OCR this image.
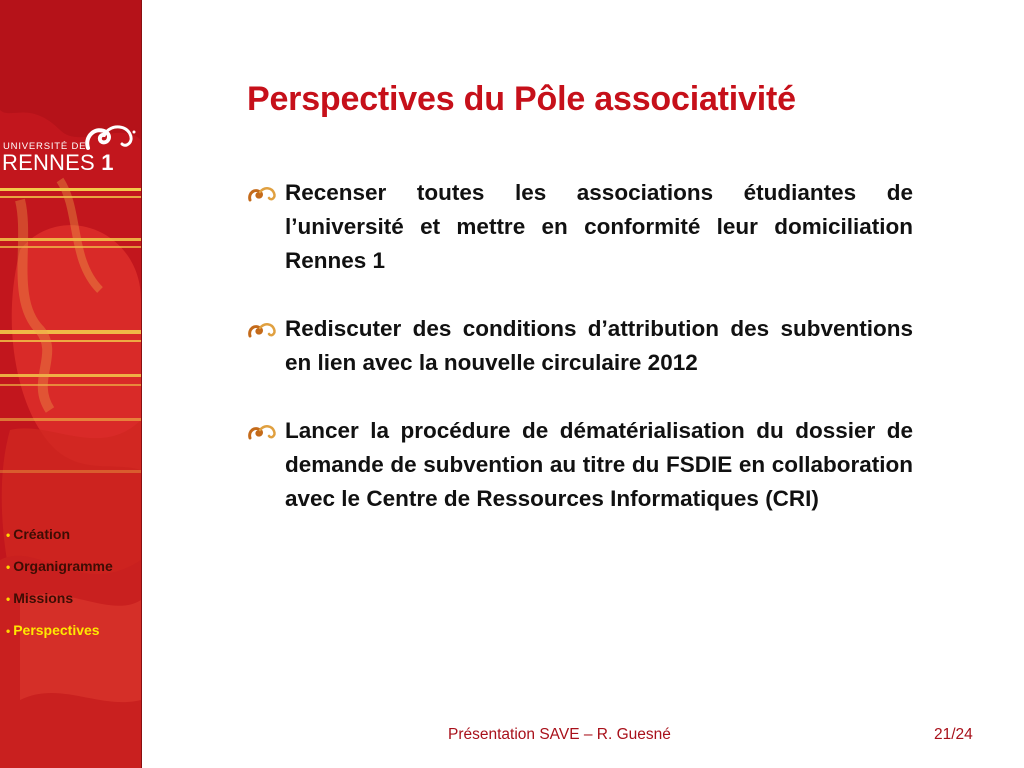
UNIVERSITÉ DE
RENNES 1
• Création
• Organigramme
• Missions
• Perspectives
Perspectives du Pôle associativité
Recenser toutes les associations étudiantes de l’université et mettre en conformité leur domiciliation Rennes 1
Rediscuter des conditions d’attribution des subventions en lien avec la nouvelle circulaire 2012
Lancer la procédure de dématérialisation du dossier de demande de subvention au titre du FSDIE en collaboration avec le Centre de Ressources Informatiques (CRI)
Présentation SAVE – R. Guesné	21/24
